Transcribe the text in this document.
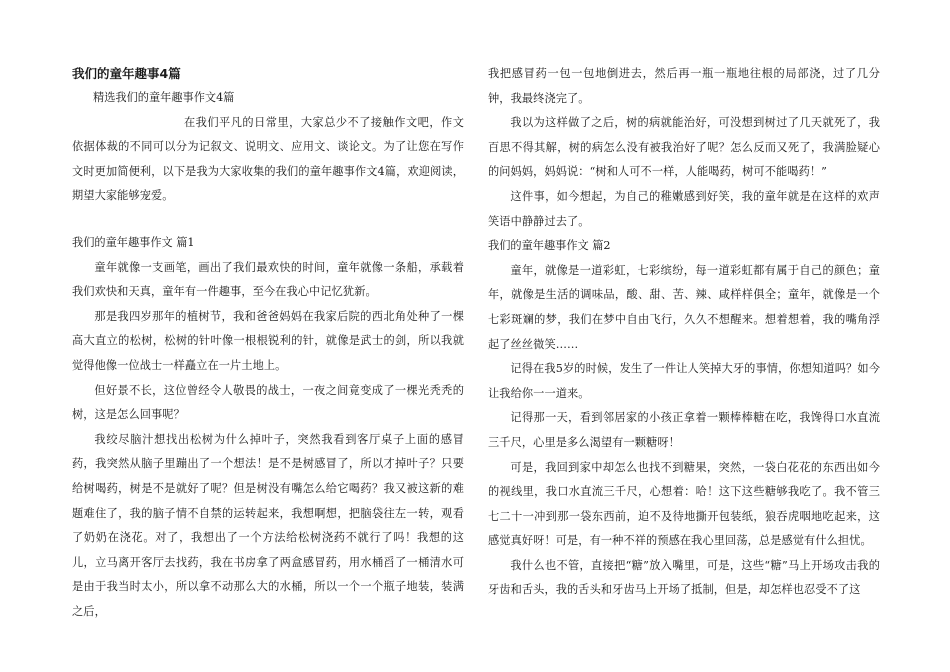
我们的童年趣事4篇

精选我们的童年趣事作文4篇

在我们平凡的日常里，大家总少不了接触作文吧，作文依据体裁的不同可以分为记叙文、说明文、应用文、谈论文。为了让您在写作文时更加简便利，以下是我为大家收集的我们的童年趣事作文4篇，欢迎阅读，期望大家能够宠爱。

我们的童年趣事作文 篇1

童年就像一支画笔，画出了我们最欢快的时间，童年就像一条船，承载着我们欢快和天真，童年有一件趣事，至今在我心中记忆犹新。

那是我四岁那年的植树节，我和爸爸妈妈在我家后院的西北角处种了一棵高大直立的松树，松树的针叶像一根根锐利的针，就像是武士的剑，所以我就觉得他像一位战士一样矗立在一片土地上。

但好景不长，这位曾经令人敬畏的战士，一夜之间竟变成了一棵光秃秃的树，这是怎么回事呢？

我绞尽脑汁想找出松树为什么掉叶子，突然我看到客厅桌子上面的感冒药，我突然从脑子里蹦出了一个想法！是不是树感冒了，所以才掉叶子？只要给树喝药，树是不是就好了呢？但是树没有嘴怎么给它喝药？我又被这新的难题难住了，我的脑子情不自禁的运转起来，我想啊想，把脑袋往左一转，观看了奶奶在浇花。对了，我想出了一个方法给松树浇药不就行了吗！我想的这儿，立马离开客厅去找药，我在书房拿了两盒感冒药，用水桶舀了一桶清水可是由于我当时太小，所以拿不动那么大的水桶，所以一个一个瓶子地装，装满之后，

我把感冒药一包一包地倒进去，然后再一瓶一瓶地往根的局部浇，过了几分钟，我最终浇完了。

我以为这样做了之后，树的病就能治好，可没想到树过了几天就死了，我百思不得其解，树的病怎么没有被我治好了呢？怎么反而又死了，我满脸疑心的问妈妈，妈妈说：“树和人可不一样，人能喝药，树可不能喝药！”

这件事，如今想起，为自己的稚嫩感到好笑，我的童年就是在这样的欢声笑语中静静过去了。

我们的童年趣事作文 篇2

童年，就像是一道彩虹，七彩缤纷，每一道彩虹都有属于自己的颜色；童年，就像是生活的调味品，酸、甜、苦、辣、咸样样俱全；童年，就像是一个七彩斑斓的梦，我们在梦中自由飞行，久久不想醒来。想着想着，我的嘴角浮起了丝丝微笑……

记得在我5岁的时候，发生了一件让人笑掉大牙的事情，你想知道吗？如今让我给你一一道来。

记得那一天，看到邻居家的小孩正拿着一颗棒棒糖在吃，我馋得口水直流三千尺，心里是多么渴望有一颗糖呀！

可是，我回到家中却怎么也找不到糖果，突然，一袋白花花的东西出如今的视线里，我口水直流三千尺，心想着：哈！这下这些糖够我吃了。我不管三七二十一冲到那一袋东西前，迫不及待地撕开包装纸，狼吞虎咽地吃起来，这感觉真好呀！可是，有一种不祥的预感在我心里回荡，总是感觉有什么担忧。

我什么也不管，直接把“糖”放入嘴里，可是，这些“糖”马上开场攻击我的牙齿和舌头，我的舌头和牙齿马上开场了抵制，但是，却怎样也忍受不了这
